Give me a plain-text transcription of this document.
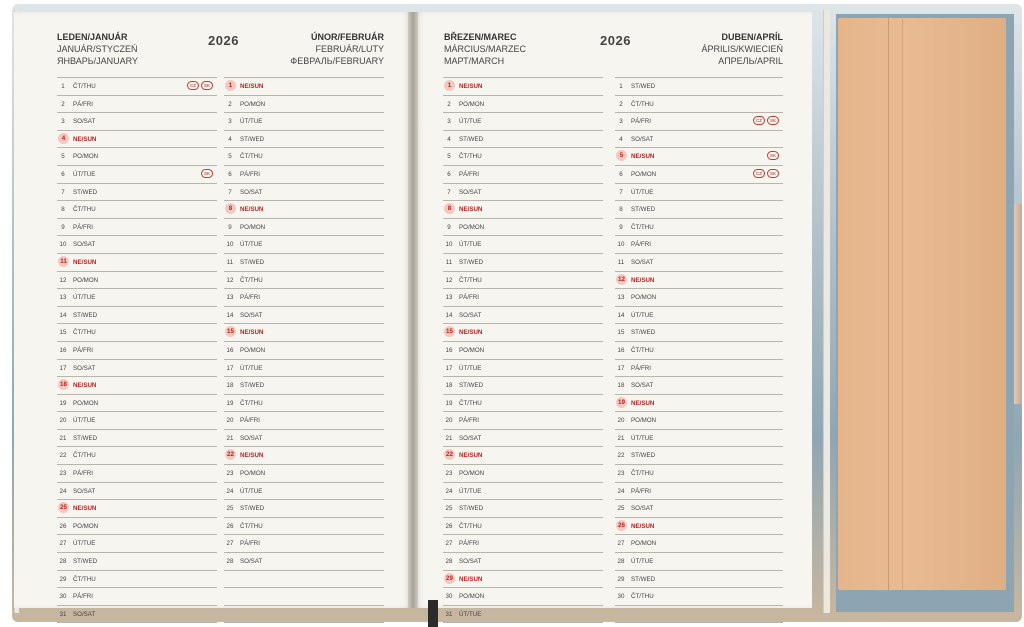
LEDEN/JANUÁR
JANUÁR/STYCZEŃ
ЯНВАРЬ/JANUARY
2026	ÚNOR/FEBRUÁR
FEBRUÁR/LUTY
ФЕВРАЛЬ/FEBRUARY
BŘEZEN/MAREC
MÁRCIUS/MARZEC
МАРТ/MARCH
2026	DUBEN/APRÍL
ÁPRILIS/KWIECIEŃ
АПРЕЛЬ/APRIL
1	ČT/THU	CZ	SK
2	PÁ/FRI
3	SO/SAT
4	NE/SUN
5	PO/MON
6	ÚT/TUE	SK
7	ST/WED
8	ČT/THU
9	PÁ/FRI
10 SO/SAT
11	NE/SUN
12 PO/MON
13 ÚT/TUE
14 ST/WED
15 ČT/THU
16 PÁ/FRI
17 SO/SAT
18 NE/SUN
19 PO/MON
20 ÚT/TUE
21 ST/WED
22 ČT/THU
23 PÁ/FRI
24 SO/SAT
25 NE/SUN
26 PO/MON
27 ÚT/TUE
28 ST/WED
29 ČT/THU
30 PÁ/FRI
31 SO/SAT
1	NE/SUN
2	PO/MON
3	ÚT/TUE
4	ST/WED
5	ČT/THU
6	PÁ/FRI
7	SO/SAT
8	NE/SUN
9	PO/MON
10 ÚT/TUE
11 ST/WED
12 ČT/THU
13 PÁ/FRI
14 SO/SAT
15 NE/SUN
16 PO/MON
17 ÚT/TUE
18 ST/WED
19 ČT/THU
20 PÁ/FRI
21 SO/SAT
22 NE/SUN
23 PO/MON
24 ÚT/TUE
25 ST/WED
26 ČT/THU
27 PÁ/FRI
28 SO/SAT
1	NE/SUN
2	PO/MON
3	ÚT/TUE
4	ST/WED
5	ČT/THU
6	PÁ/FRI
7	SO/SAT
8	NE/SUN
9	PO/MON
10 ÚT/TUE
11 ST/WED
12 ČT/THU
13 PÁ/FRI
14 SO/SAT
15 NE/SUN
16 PO/MON
17 ÚT/TUE
18 ST/WED
19 ČT/THU
20 PÁ/FRI
21 SO/SAT
22 NE/SUN
23 PO/MON
24 ÚT/TUE
25 ST/WED
26 ČT/THU
27 PÁ/FRI
28 SO/SAT
29 NE/SUN
30 PO/MON
31 ÚT/TUE
1	ST/WED
2	ČT/THU
3	PÁ/FRI	CZ	SK
4	SO/SAT
5	NE/SUN	SK
6	PO/MON	CZ	SK
7	ÚT/TUE
8	ST/WED
9	ČT/THU
10 PÁ/FRI
11 SO/SAT
12 NE/SUN
13 PO/MON
14 ÚT/TUE
15 ST/WED
16 ČT/THU
17 PÁ/FRI
18 SO/SAT
19 NE/SUN
20 PO/MON
21 ÚT/TUE
22 ST/WED
23 ČT/THU
24 PÁ/FRI
25 SO/SAT
26 NE/SUN
27 PO/MON
28 ÚT/TUE
29 ST/WED
30 ČT/THU
